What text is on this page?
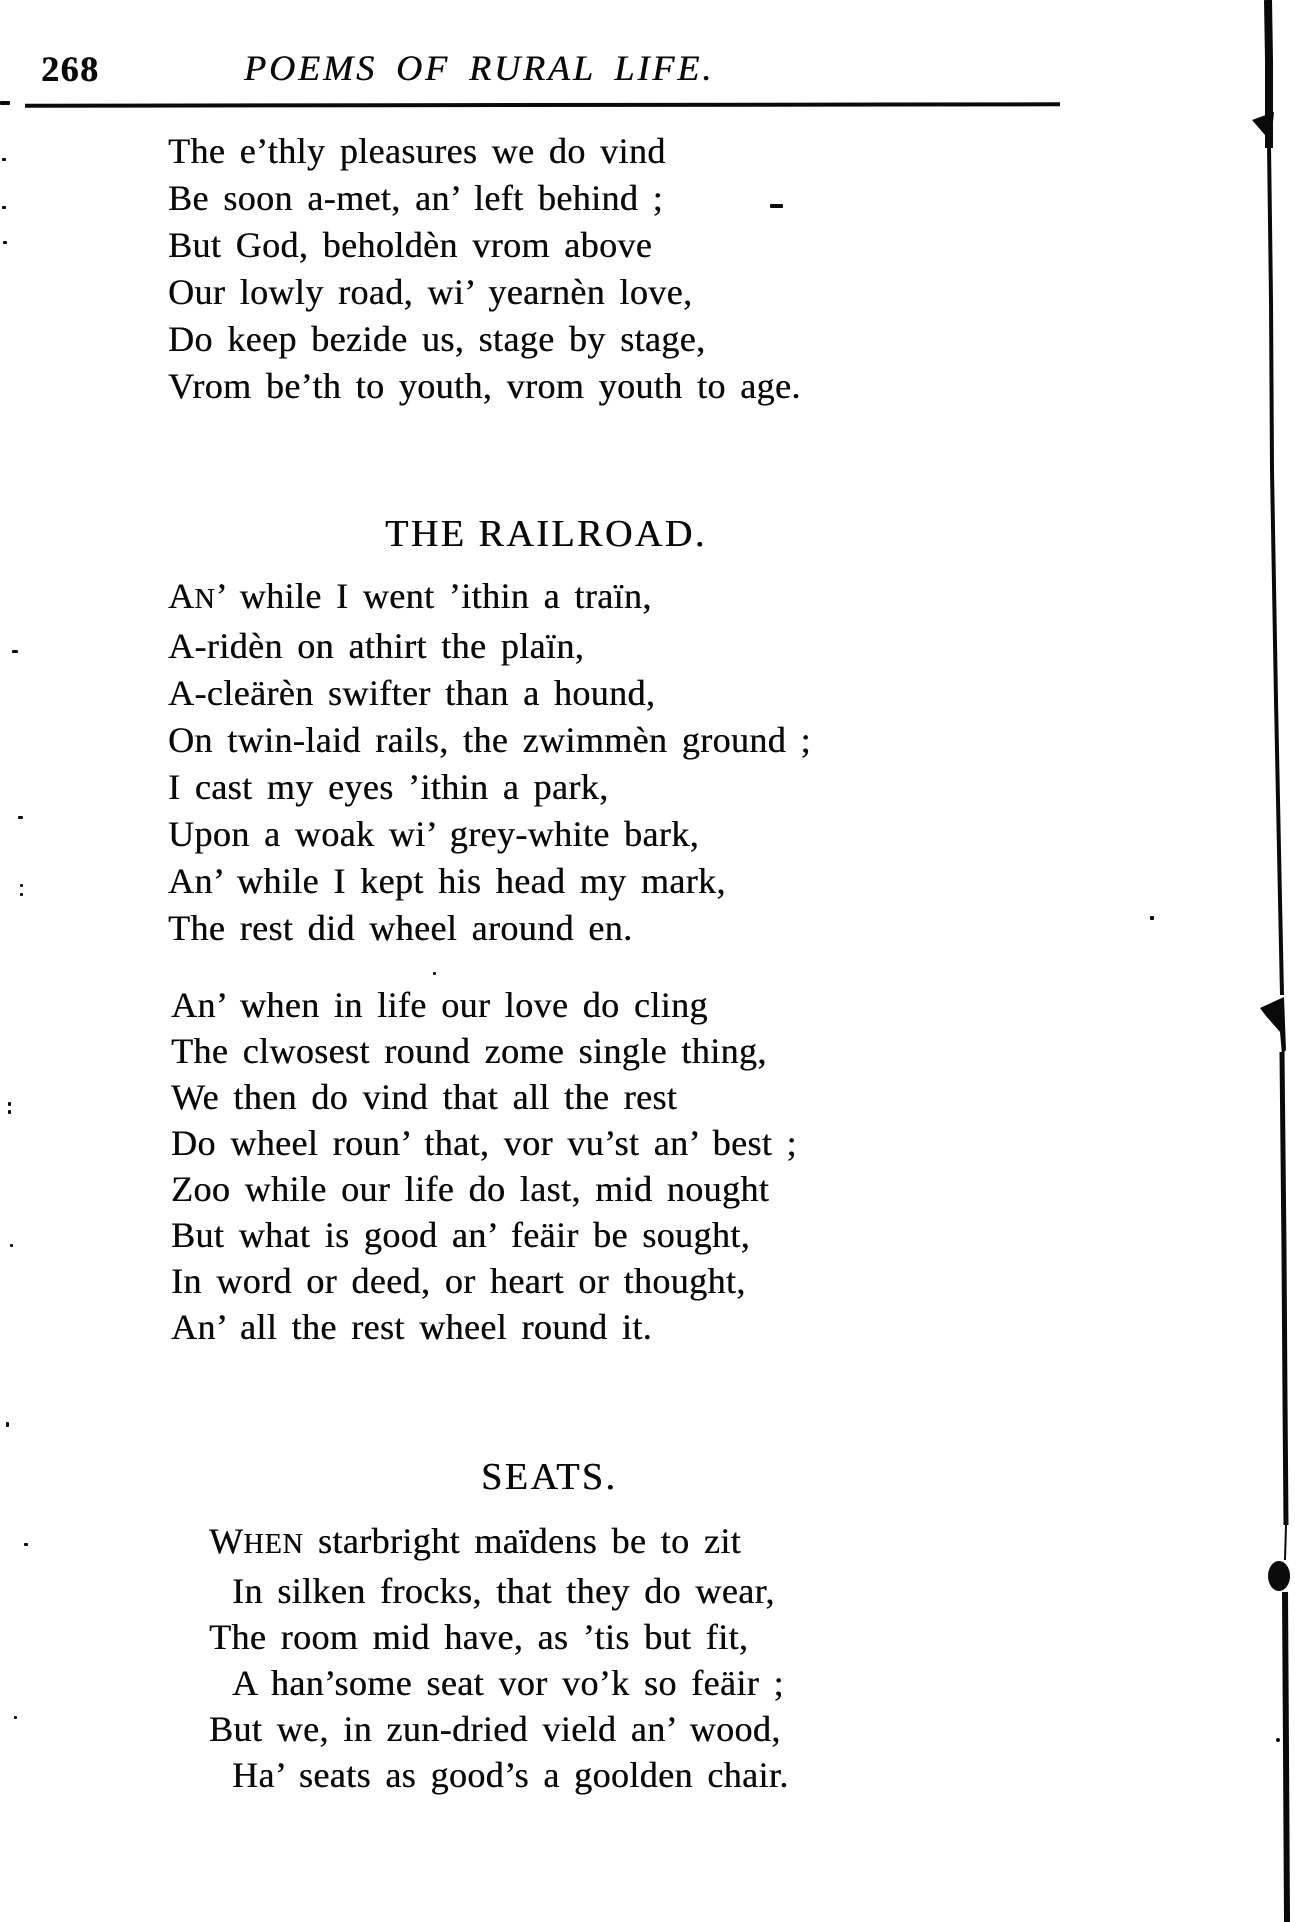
268	POEMS OF RURAL LIFE.
The e’thly pleasures we do vind
Be soon a-met, an’ left behind ;
But God, beholdèn vrom above
Our lowly road, wi’ yearnèn love,
Do keep bezide us, stage by stage,
Vrom be’th to youth, vrom youth to age.
THE RAILROAD.
AN’ while I went ’ithin a traïn,
A-ridèn on athirt the plaïn,
A-cleärèn swifter than a hound,
On twin-laid rails, the zwimmèn ground ;
I cast my eyes ’ithin a park,
Upon a woak wi’ grey-white bark,
An’ while I kept his head my mark,
The rest did wheel around en.
An’ when in life our love do cling
The clwosest round zome single thing,
We then do vind that all the rest
Do wheel roun’ that, vor vu’st an’ best ;
Zoo while our life do last, mid nought
But what is good an’ feäir be sought,
In word or deed, or heart or thought,
An’ all the rest wheel round it.
SEATS.
WHEN starbright maïdens be to zit
In silken frocks, that they do wear,
The room mid have, as ’tis but fit,
A han’some seat vor vo’k so feäir ;
But we, in zun-dried vield an’ wood,
Ha’ seats as good’s a goolden chair.
